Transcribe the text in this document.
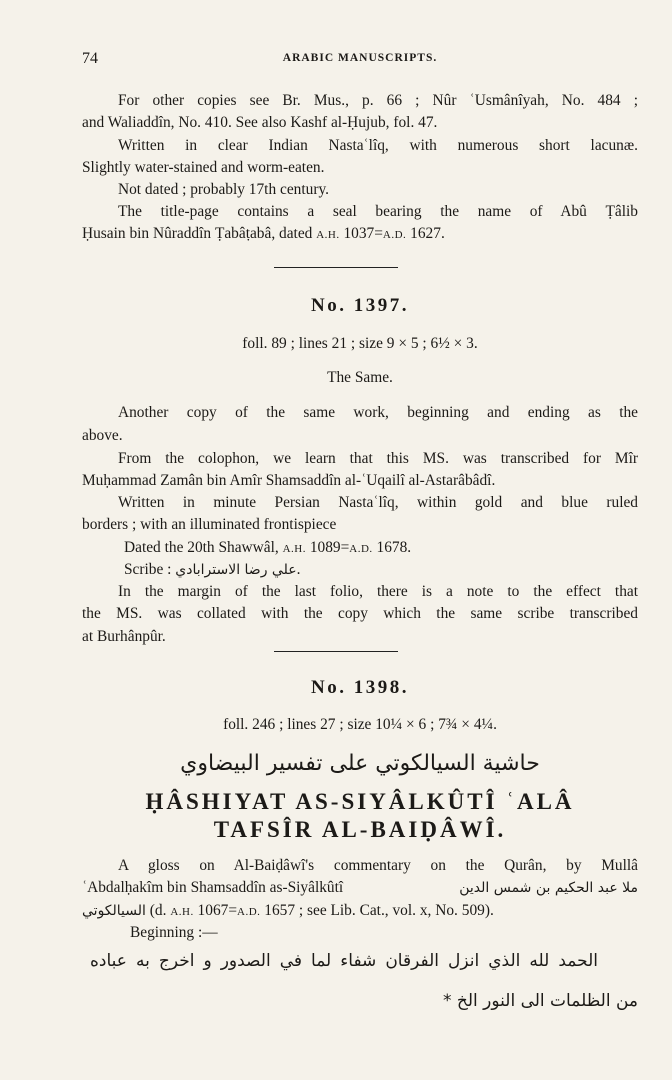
74	ARABIC MANUSCRIPTS.
For other copies see Br. Mus., p. 66 ; Nûr ʿUsmânîyah, No. 484 ;
and Waliaddîn, No. 410. See also Kashf al-Ḥujub, fol. 47.
Written in clear Indian Nastaʿlîq, with numerous short lacunæ.
Slightly water-stained and worm-eaten.
Not dated ; probably 17th century.
The title-page contains a seal bearing the name of Abû Ṭâlib
Ḥusain bin Nûraddîn Ṭabâṭabâ, dated A.H. 1037=A.D. 1627.
No. 1397.
foll. 89 ; lines 21 ; size 9 × 5 ; 6½ × 3.
The Same.
Another copy of the same work, beginning and ending as the
above.
From the colophon, we learn that this MS. was transcribed for Mîr
Muḥammad Zamân bin Amîr Shamsaddîn al-ʿUqailî al-Astarâbâdî.
Written in minute Persian Nastaʿlîq, within gold and blue ruled
borders ; with an illuminated frontispiece
Dated the 20th Shawwâl, A.H. 1089=A.D. 1678.
Scribe : علي رضا الاسترابادي.
In the margin of the last folio, there is a note to the effect that
the MS. was collated with the copy which the same scribe transcribed
at Burhânpûr.
No. 1398.
foll. 246 ; lines 27 ; size 10¼ × 6 ; 7¾ × 4¼.
حاشية السيالكوتي على تفسير البيضاوي
ḤÂSHIYAT AS-SIYÂLKÛTÎ ʿALÂ
TAFSÎR AL-BAIḌÂWÎ.
A gloss on Al-Baiḍâwî's commentary on the Qurân, by Mullâ
ʿAbdalḥakîm bin Shamsaddîn as-Siyâlkûtî	ملا عبد الحكيم بن شمس الدين
السيالكوتي (d. A.H. 1067=A.D. 1657 ; see Lib. Cat., vol. x, No. 509).
Beginning :—
الحمد لله الذي انزل الفرقان شفاء لما في الصدور و اخرج به عباده
من الظلمات الى النور الخ *
